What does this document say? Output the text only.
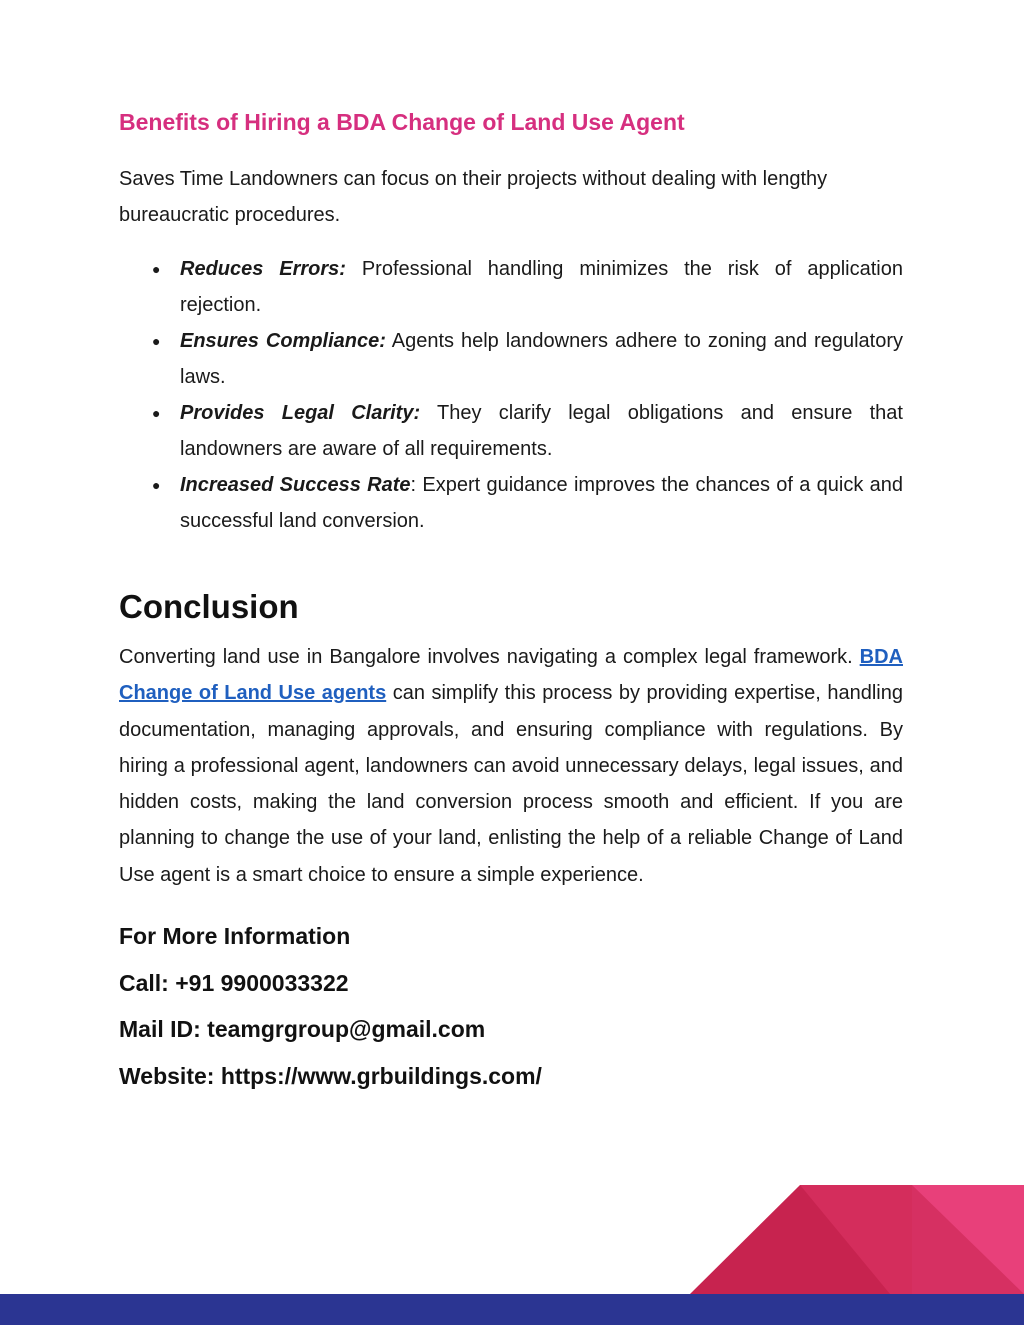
Benefits of Hiring a BDA Change of Land Use Agent

Saves Time Landowners can focus on their projects without dealing with lengthy bureaucratic procedures.

● Reduces Errors: Professional handling minimizes the risk of application rejection.
● Ensures Compliance: Agents help landowners adhere to zoning and regulatory laws.
● Provides Legal Clarity: They clarify legal obligations and ensure that landowners are aware of all requirements.
● Increased Success Rate: Expert guidance improves the chances of a quick and successful land conversion.
Conclusion

Converting land use in Bangalore involves navigating a complex legal framework. BDA Change of Land Use agents can simplify this process by providing expertise, handling documentation, managing approvals, and ensuring compliance with regulations. By hiring a professional agent, landowners can avoid unnecessary delays, legal issues, and hidden costs, making the land conversion process smooth and efficient. If you are planning to change the use of your land, enlisting the help of a reliable Change of Land Use agent is a smart choice to ensure a simple experience.

For More Information

Call: +91 9900033322

Mail ID: teamgrgroup@gmail.com

Website: https://www.grbuildings.com/
